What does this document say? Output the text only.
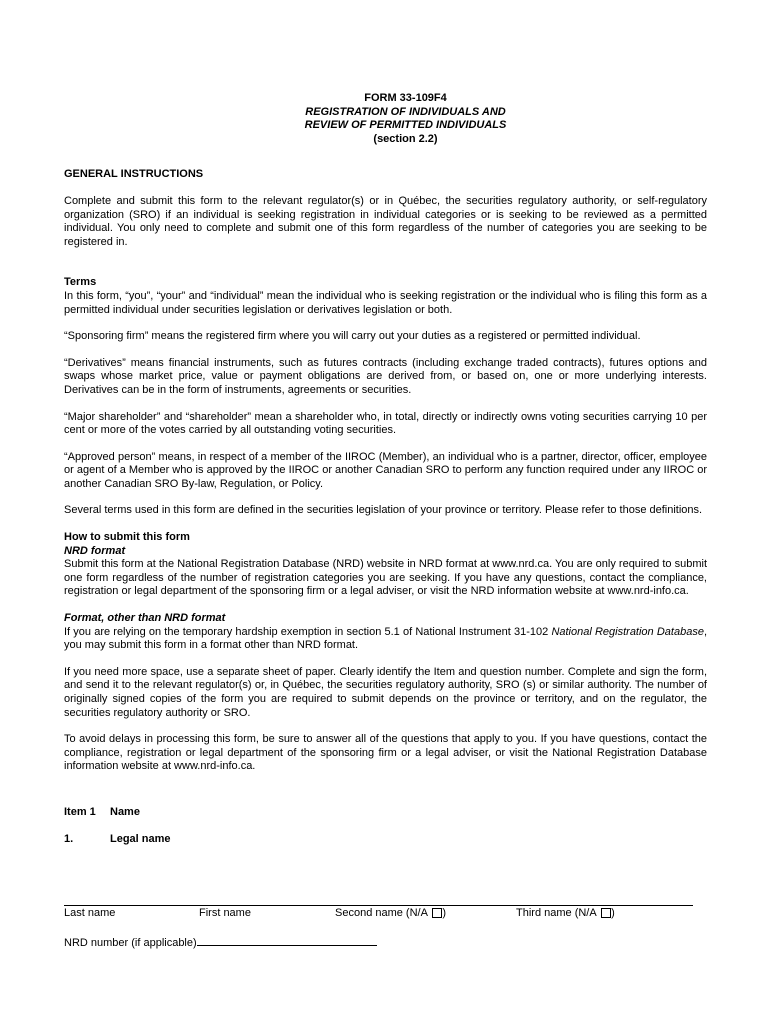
FORM 33-109F4
REGISTRATION OF INDIVIDUALS AND
REVIEW OF PERMITTED INDIVIDUALS
(section 2.2)
GENERAL INSTRUCTIONS

Complete and submit this form to the relevant regulator(s) or in Québec, the securities regulatory authority, or self-regulatory organization (SRO) if an individual is seeking registration in individual categories or is seeking to be reviewed as a permitted individual. You only need to complete and submit one of this form regardless of the number of categories you are seeking to be registered in.

Terms

In this form, “you”, “your” and “individual” mean the individual who is seeking registration or the individual who is filing this form as a permitted individual under securities legislation or derivatives legislation or both.

“Sponsoring firm” means the registered firm where you will carry out your duties as a registered or permitted individual.

“Derivatives” means financial instruments, such as futures contracts (including exchange traded contracts), futures options and swaps whose market price, value or payment obligations are derived from, or based on, one or more underlying interests. Derivatives can be in the form of instruments, agreements or securities.

“Major shareholder” and “shareholder” mean a shareholder who, in total, directly or indirectly owns voting securities carrying 10 per cent or more of the votes carried by all outstanding voting securities.

“Approved person” means, in respect of a member of the IIROC (Member), an individual who is a partner, director, officer, employee or agent of a Member who is approved by the IIROC or another Canadian SRO to perform any function required under any IIROC or another Canadian SRO By-law, Regulation, or Policy.

Several terms used in this form are defined in the securities legislation of your province or territory. Please refer to those definitions.

How to submit this form
NRD format

Submit this form at the National Registration Database (NRD) website in NRD format at www.nrd.ca. You are only required to submit one form regardless of the number of registration categories you are seeking. If you have any questions, contact the compliance, registration or legal department of the sponsoring firm or a legal adviser, or visit the NRD information website at www.nrd-info.ca.

Format, other than NRD format

If you are relying on the temporary hardship exemption in section 5.1 of National Instrument 31-102 National Registration Database, you may submit this form in a format other than NRD format.

If you need more space, use a separate sheet of paper. Clearly identify the Item and question number. Complete and sign the form, and send it to the relevant regulator(s) or, in Québec, the securities regulatory authority, SRO (s) or similar authority. The number of originally signed copies of the form you are required to submit depends on the province or territory, and on the regulator, the securities regulatory authority or SRO.

To avoid delays in processing this form, be sure to answer all of the questions that apply to you. If you have questions, contact the compliance, registration or legal department of the sponsoring firm or a legal adviser, or visit the National Registration Database information website at www.nrd-info.ca.

Item 1	Name
1.	Legal name
Last name	First name	Second name (N/A )	Third name (N/A )
NRD number (if applicable)
